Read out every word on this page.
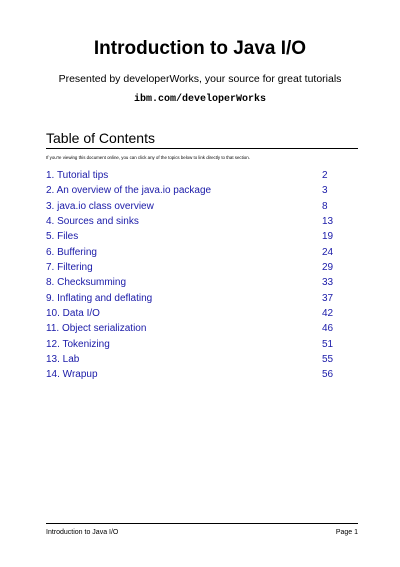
Introduction to Java I/O
Presented by developerWorks, your source for great tutorials
ibm.com/developerWorks
Table of Contents
If you're viewing this document online, you can click any of the topics below to link directly to that section.
1. Tutorial tips	2
2. An overview of the java.io package	3
3. java.io class overview	8
4. Sources and sinks	13
5. Files	19
6. Buffering	24
7. Filtering	29
8. Checksumming	33
9. Inflating and deflating	37
10. Data I/O	42
11. Object serialization	46
12. Tokenizing	51
13. Lab	55
14. Wrapup	56
Introduction to Java I/O	Page 1
